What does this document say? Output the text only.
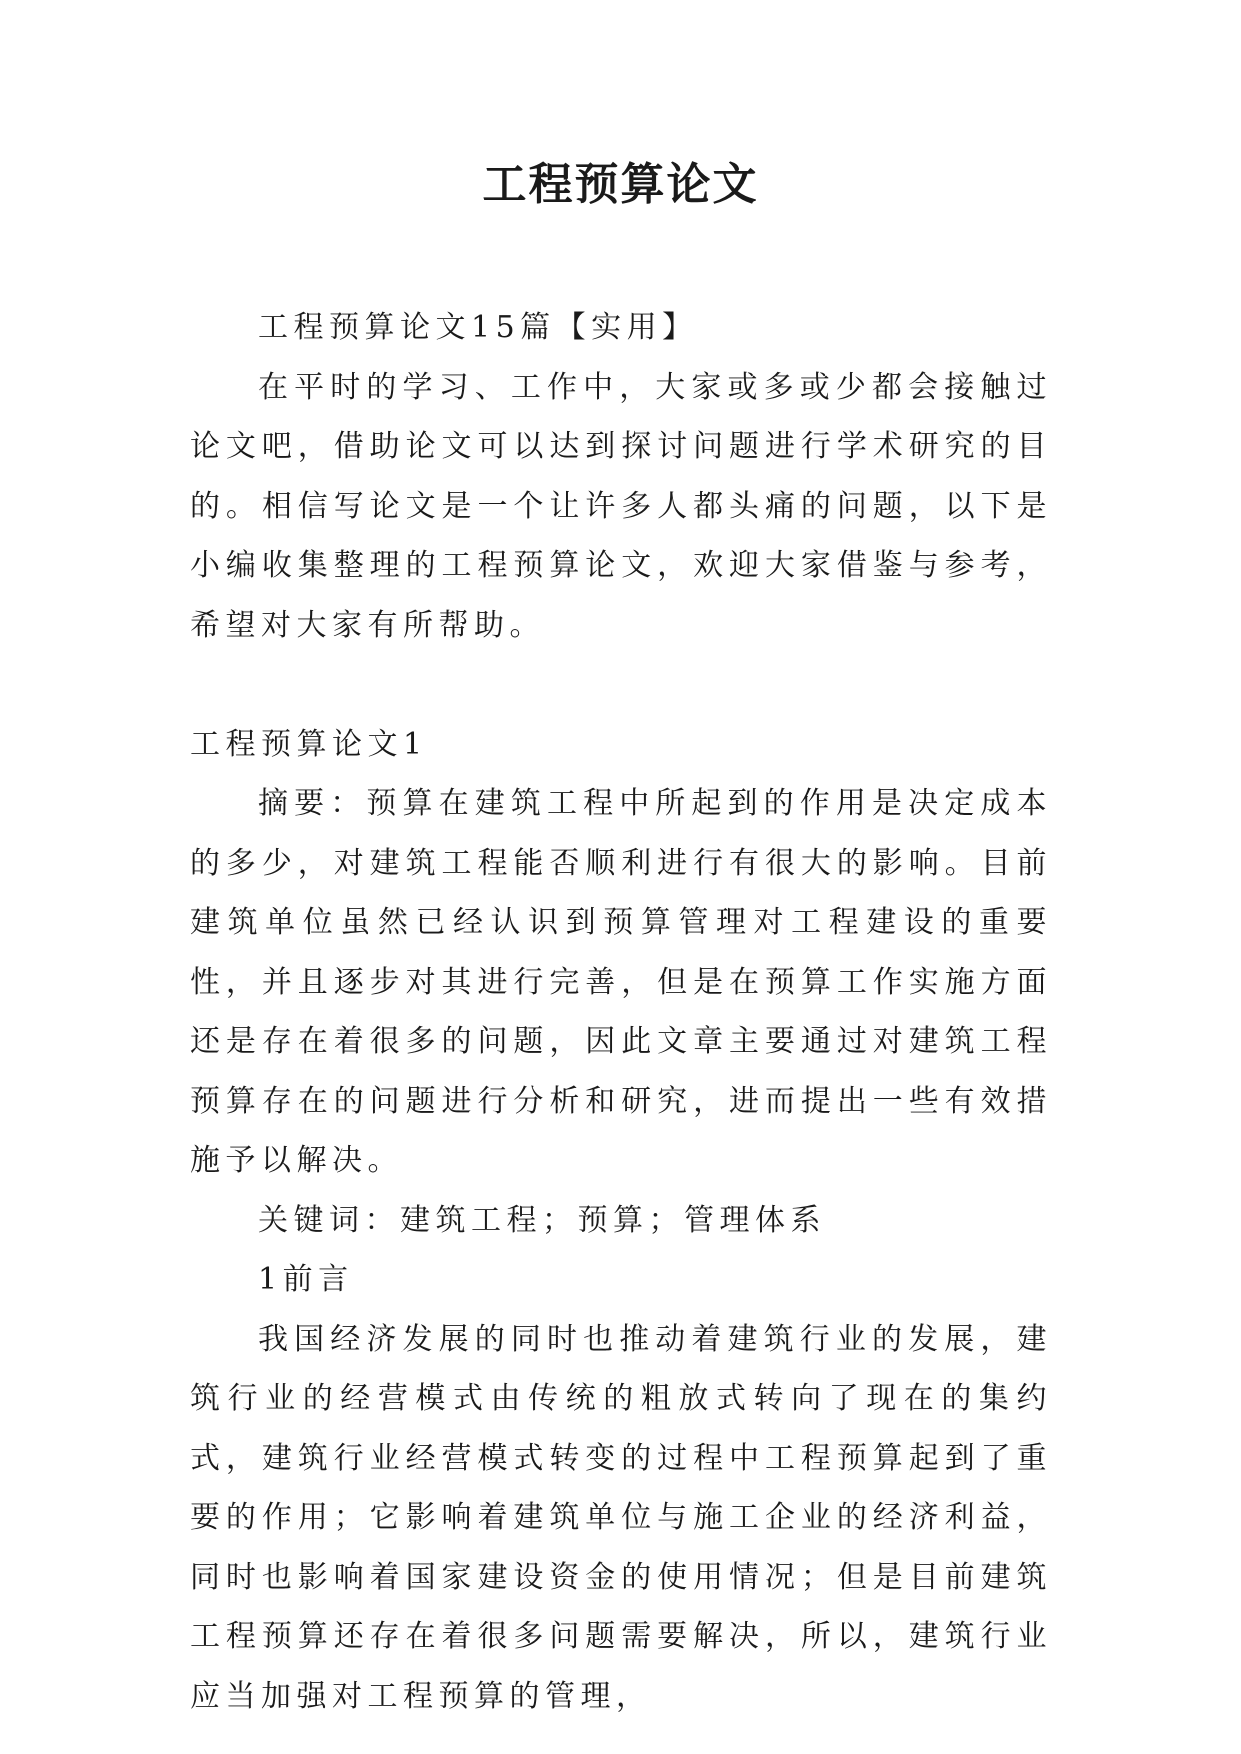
工程预算论文

工程预算论文15篇【实用】

在平时的学习、工作中，大家或多或少都会接触过论文吧，借助论文可以达到探讨问题进行学术研究的目的。相信写论文是一个让许多人都头痛的问题，以下是小编收集整理的工程预算论文，欢迎大家借鉴与参考，希望对大家有所帮助。

工程预算论文1

摘要：预算在建筑工程中所起到的作用是决定成本的多少，对建筑工程能否顺利进行有很大的影响。目前建筑单位虽然已经认识到预算管理对工程建设的重要性，并且逐步对其进行完善，但是在预算工作实施方面还是存在着很多的问题，因此文章主要通过对建筑工程预算存在的问题进行分析和研究，进而提出一些有效措施予以解决。

关键词：建筑工程；预算；管理体系

1前言

我国经济发展的同时也推动着建筑行业的发展，建筑行业的经营模式由传统的粗放式转向了现在的集约式，建筑行业经营模式转变的过程中工程预算起到了重要的作用；它影响着建筑单位与施工企业的经济利益，同时也影响着国家建设资金的使用情况；但是目前建筑工程预算还存在着很多问题需要解决，所以，建筑行业应当加强对工程预算的管理，
